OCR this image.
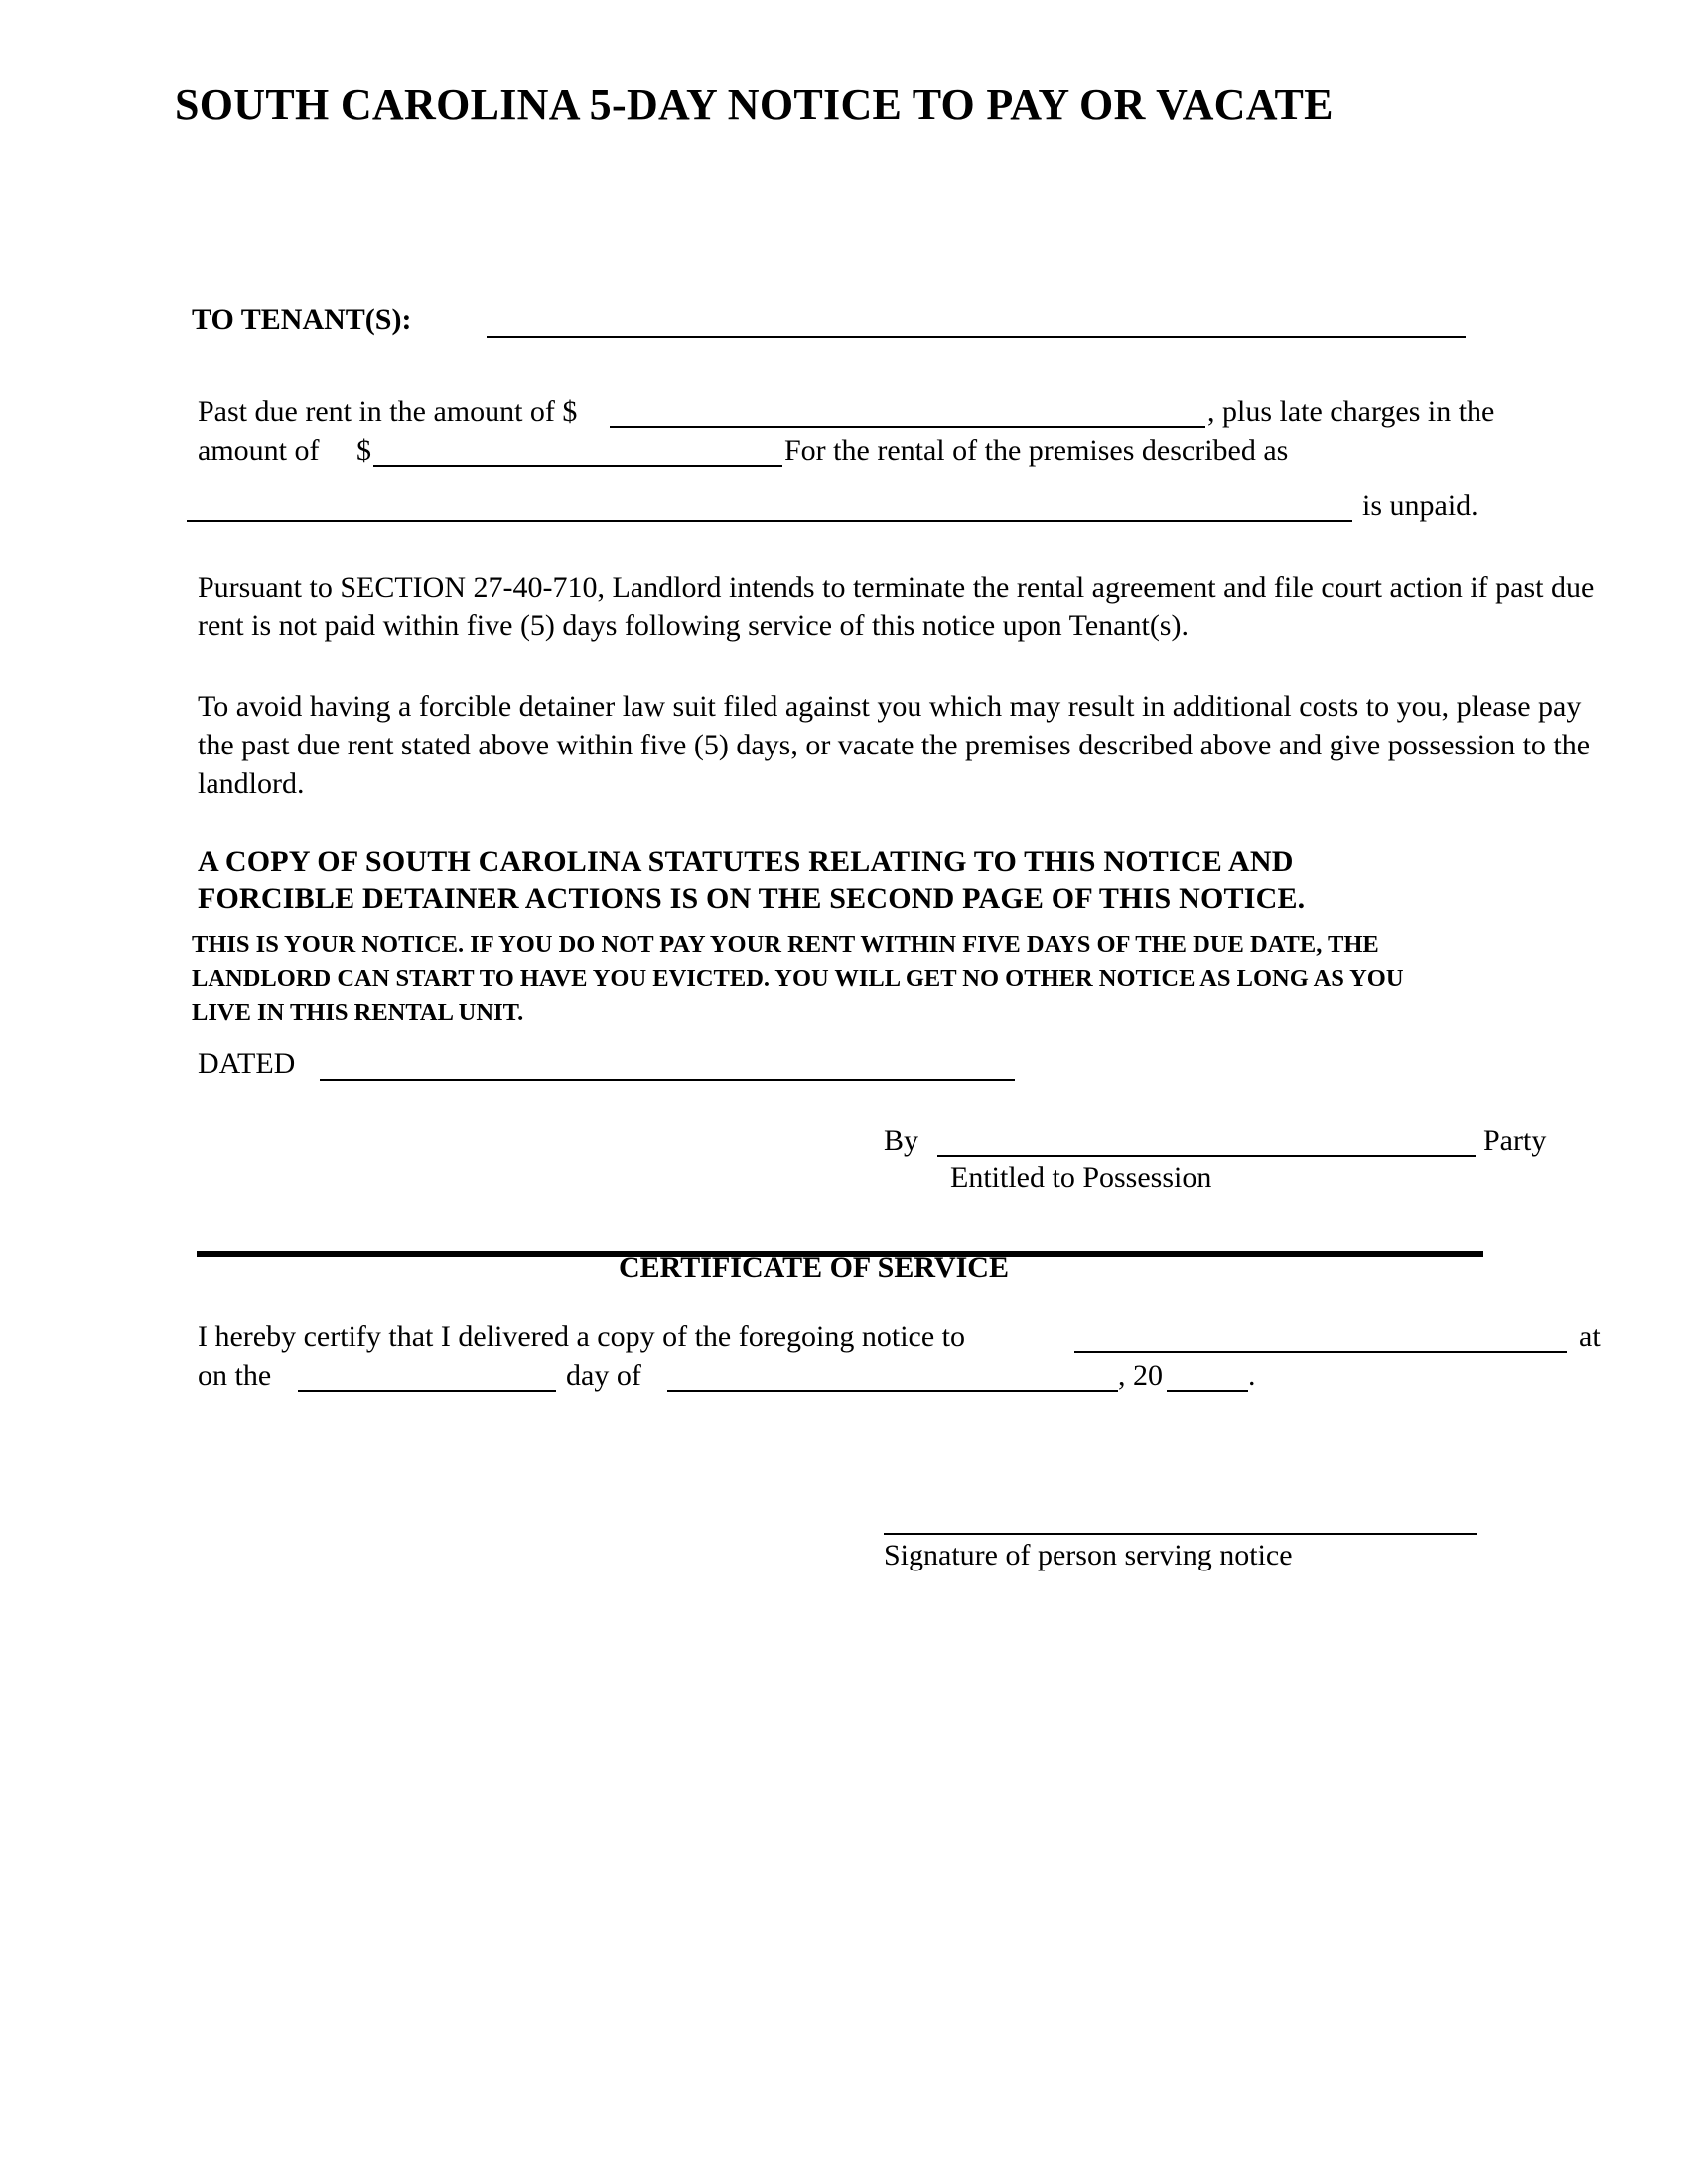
SOUTH CAROLINA 5-DAY NOTICE TO PAY OR VACATE
TO TENANT(S):
Past due rent in the amount of $	, plus late charges in the
amount of $	For the rental of the premises described as
is unpaid.
Pursuant to SECTION 27-40-710, Landlord intends to terminate the rental agreement and file court action if past due rent is not paid within five (5) days following service of this notice upon Tenant(s).
To avoid having a forcible detainer law suit filed against you which may result in additional costs to you, please pay the past due rent stated above within five (5) days, or vacate the premises described above and give possession to the landlord.
A COPY OF SOUTH CAROLINA STATUTES RELATING TO THIS NOTICE AND
FORCIBLE DETAINER ACTIONS IS ON THE SECOND PAGE OF THIS NOTICE.
THIS IS YOUR NOTICE. IF YOU DO NOT PAY YOUR RENT WITHIN FIVE DAYS OF THE DUE DATE, THE
LANDLORD CAN START TO HAVE YOU EVICTED. YOU WILL GET NO OTHER NOTICE AS LONG AS YOU
LIVE IN THIS RENTAL UNIT.
DATED
By	Party
Entitled to Possession
CERTIFICATE OF SERVICE
I hereby certify that I delivered a copy of the foregoing notice to	at
on the	day of	, 20	.
Signature of person serving notice
